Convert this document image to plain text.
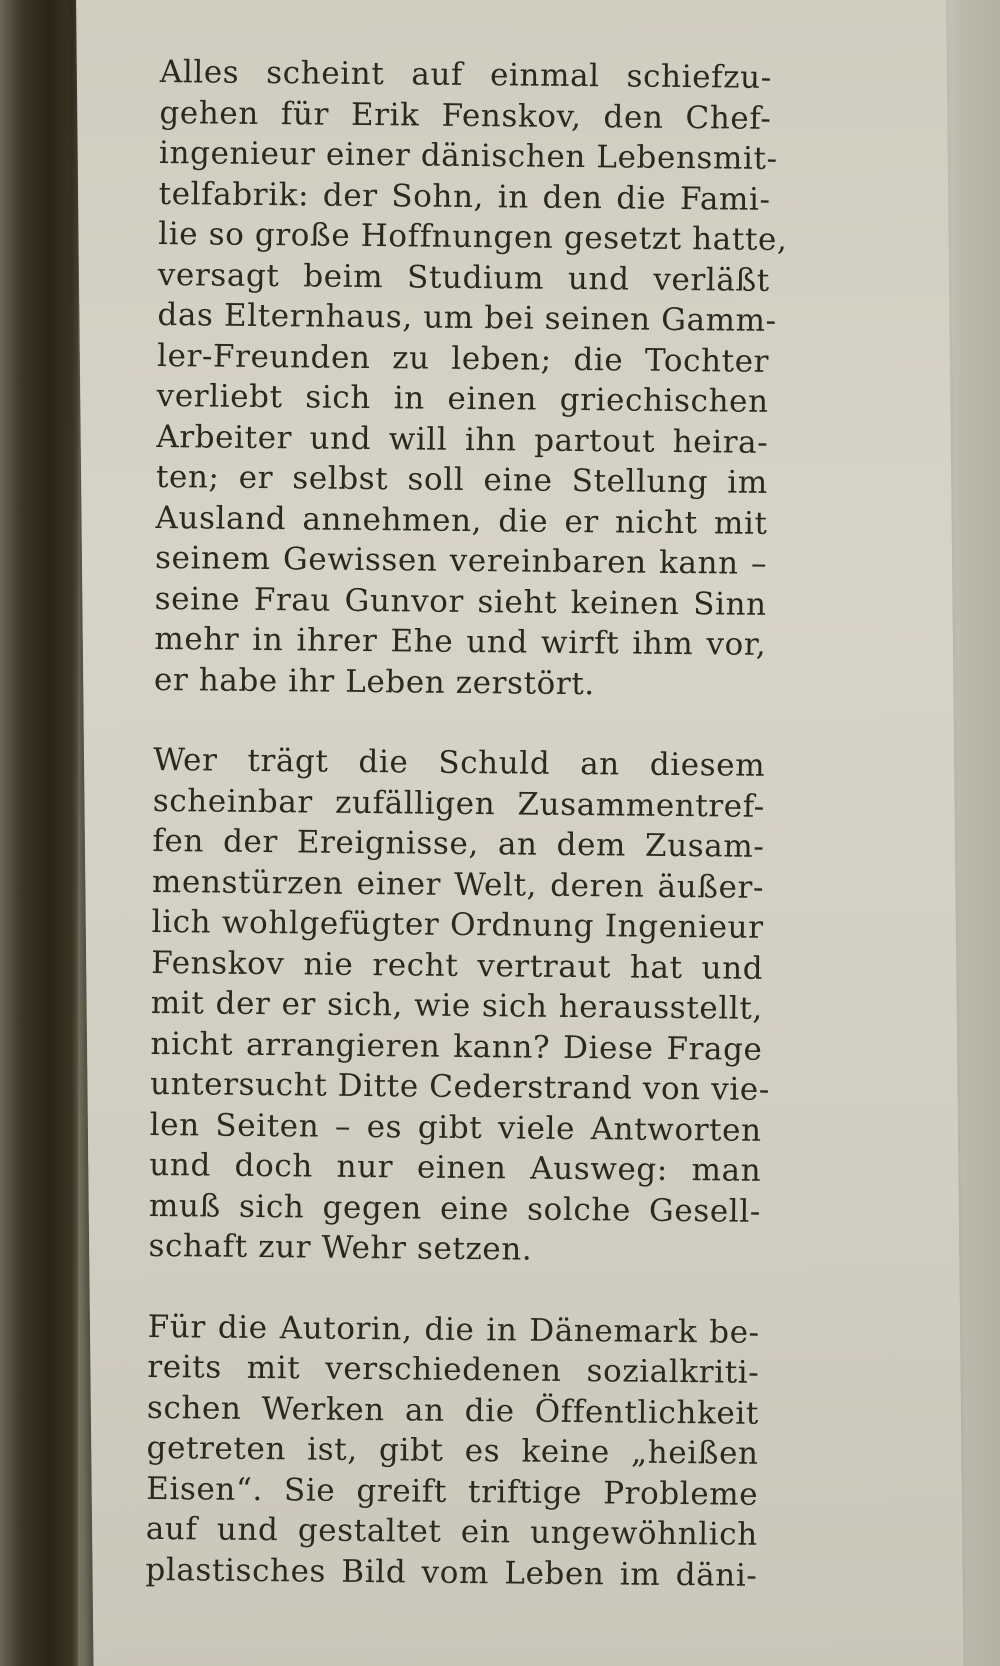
Alles scheint auf einmal schiefzu-
gehen für Erik Fenskov, den Chef-
ingenieur einer dänischen Lebensmit-
telfabrik: der Sohn, in den die Fami-
lie so große Hoffnungen gesetzt hatte,
versagt beim Studium und verläßt
das Elternhaus, um bei seinen Gamm-
ler-Freunden zu leben; die Tochter
verliebt sich in einen griechischen
Arbeiter und will ihn partout heira-
ten; er selbst soll eine Stellung im
Ausland annehmen, die er nicht mit
seinem Gewissen vereinbaren kann –
seine Frau Gunvor sieht keinen Sinn
mehr in ihrer Ehe und wirft ihm vor,
er habe ihr Leben zerstört.
Wer trägt die Schuld an diesem
scheinbar zufälligen Zusammentref-
fen der Ereignisse, an dem Zusam-
menstürzen einer Welt, deren äußer-
lich wohlgefügter Ordnung Ingenieur
Fenskov nie recht vertraut hat und
mit der er sich, wie sich herausstellt,
nicht arrangieren kann? Diese Frage
untersucht Ditte Cederstrand von vie-
len Seiten – es gibt viele Antworten
und doch nur einen Ausweg: man
muß sich gegen eine solche Gesell-
schaft zur Wehr setzen.
Für die Autorin, die in Dänemark be-
reits mit verschiedenen sozialkriti-
schen Werken an die Öffentlichkeit
getreten ist, gibt es keine „heißen
Eisen“. Sie greift triftige Probleme
auf und gestaltet ein ungewöhnlich
plastisches Bild vom Leben im däni-
